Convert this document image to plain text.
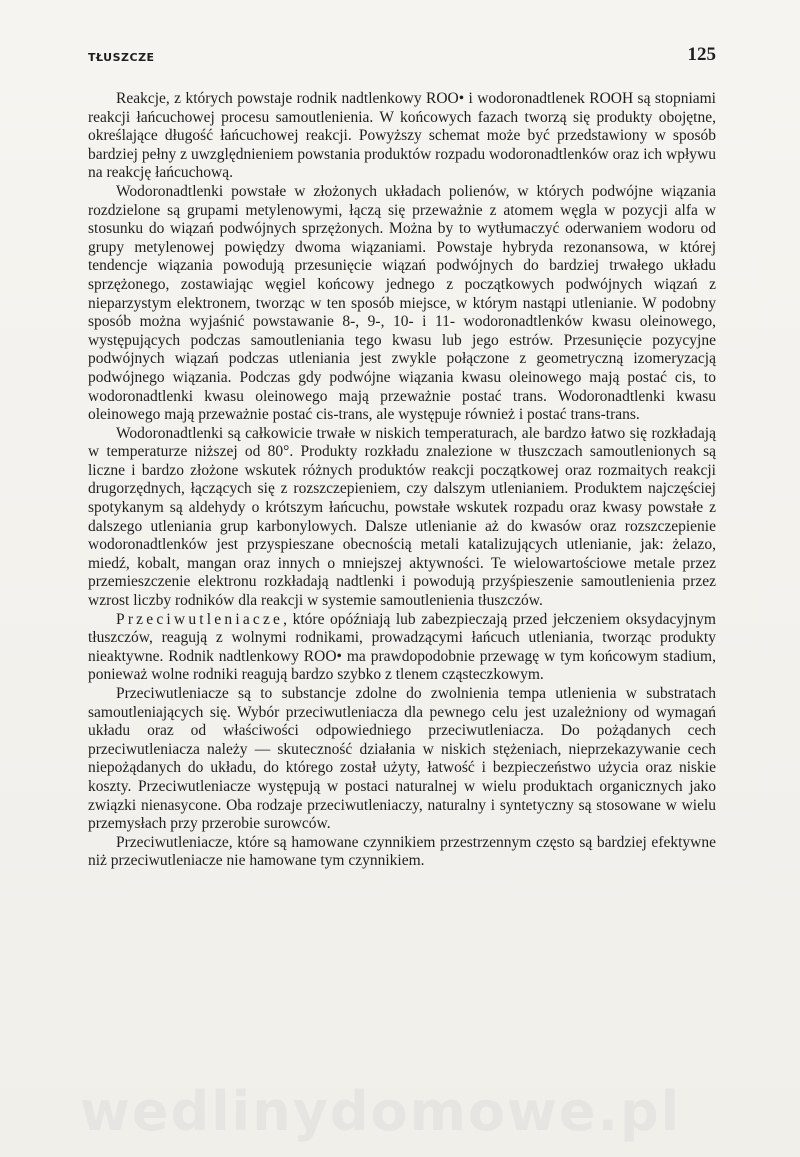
TŁUSZCZE	125

Reakcje, z których powstaje rodnik nadtlenkowy ROO• i wodoronadtlenek ROOH są stopniami reakcji łańcuchowej procesu samoutlenienia. W końcowych fazach tworzą się produkty obojętne, określające długość łańcuchowej reakcji. Powyższy schemat może być przedstawiony w sposób bardziej pełny z uwzględnieniem powstania produktów rozpadu wodoronadtlenków oraz ich wpływu na reakcję łańcuchową.

Wodoronadtlenki powstałe w złożonych układach polienów, w których podwójne wiązania rozdzielone są grupami metylenowymi, łączą się przeważnie z atomem węgla w pozycji alfa w stosunku do wiązań podwójnych sprzężonych. Można by to wytłumaczyć oderwaniem wodoru od grupy metylenowej powiędzy dwoma wiązaniami. Powstaje hybryda rezonansowa, w której tendencje wiązania powodują przesunięcie wiązań podwójnych do bardziej trwałego układu sprzężonego, zostawiając węgiel końcowy jednego z początkowych podwójnych wiązań z nieparzystym elektronem, tworząc w ten sposób miejsce, w którym nastąpi utlenianie. W podobny sposób można wyjaśnić powstawanie 8-, 9-, 10- i 11- wodoronadtlenków kwasu oleinowego, występujących podczas samoutleniania tego kwasu lub jego estrów. Przesunięcie pozycyjne podwójnych wiązań podczas utleniania jest zwykle połączone z geometryczną izomeryzacją podwójnego wiązania. Podczas gdy podwójne wiązania kwasu oleinowego mają postać cis, to wodoronadtlenki kwasu oleinowego mają przeważnie postać trans. Wodoronadtlenki kwasu oleinowego mają przeważnie postać cis-trans, ale występuje również i postać trans-trans.

Wodoronadtlenki są całkowicie trwałe w niskich temperaturach, ale bardzo łatwo się rozkładają w temperaturze niższej od 80°. Produkty rozkładu znalezione w tłuszczach samoutlenionych są liczne i bardzo złożone wskutek różnych produktów reakcji początkowej oraz rozmaitych reakcji drugorzędnych, łączących się z rozszczepieniem, czy dalszym utlenianiem. Produktem najczęściej spotykanym są aldehydy o krótszym łańcuchu, powstałe wskutek rozpadu oraz kwasy powstałe z dalszego utleniania grup karbonylowych. Dalsze utlenianie aż do kwasów oraz rozszczepienie wodoronadtlenków jest przyspieszane obecnością metali katalizujących utlenianie, jak: żelazo, miedź, kobalt, mangan oraz innych o mniejszej aktywności. Te wielowartościowe metale przez przemieszczenie elektronu rozkładają nadtlenki i powodują przyśpieszenie samoutlenienia przez wzrost liczby rodników dla reakcji w systemie samoutlenienia tłuszczów.

Przeciwutleniacze, które opóźniają lub zabezpieczają przed jełczeniem oksydacyjnym tłuszczów, reagują z wolnymi rodnikami, prowadzącymi łańcuch utleniania, tworząc produkty nieaktywne. Rodnik nadtlenkowy ROO• ma prawdopodobnie przewagę w tym końcowym stadium, ponieważ wolne rodniki reagują bardzo szybko z tlenem cząsteczkowym.

Przeciwutleniacze są to substancje zdolne do zwolnienia tempa utlenienia w substratach samoutleniających się. Wybór przeciwutleniacza dla pewnego celu jest uzależniony od wymagań układu oraz od właściwości odpowiedniego przeciwutleniacza. Do pożądanych cech przeciwutleniacza należy — skuteczność działania w niskich stężeniach, nieprzekazywanie cech niepożądanych do układu, do którego został użyty, łatwość i bezpieczeństwo użycia oraz niskie koszty. Przeciwutleniacze występują w postaci naturalnej w wielu produktach organicznych jako związki nienasycone. Oba rodzaje przeciwutleniaczy, naturalny i syntetyczny są stosowane w wielu przemysłach przy przerobie surowców.

Przeciwutleniacze, które są hamowane czynnikiem przestrzennym często są bardziej efektywne niż przeciwutleniacze nie hamowane tym czynnikiem.

wedlinydomowe.pl
